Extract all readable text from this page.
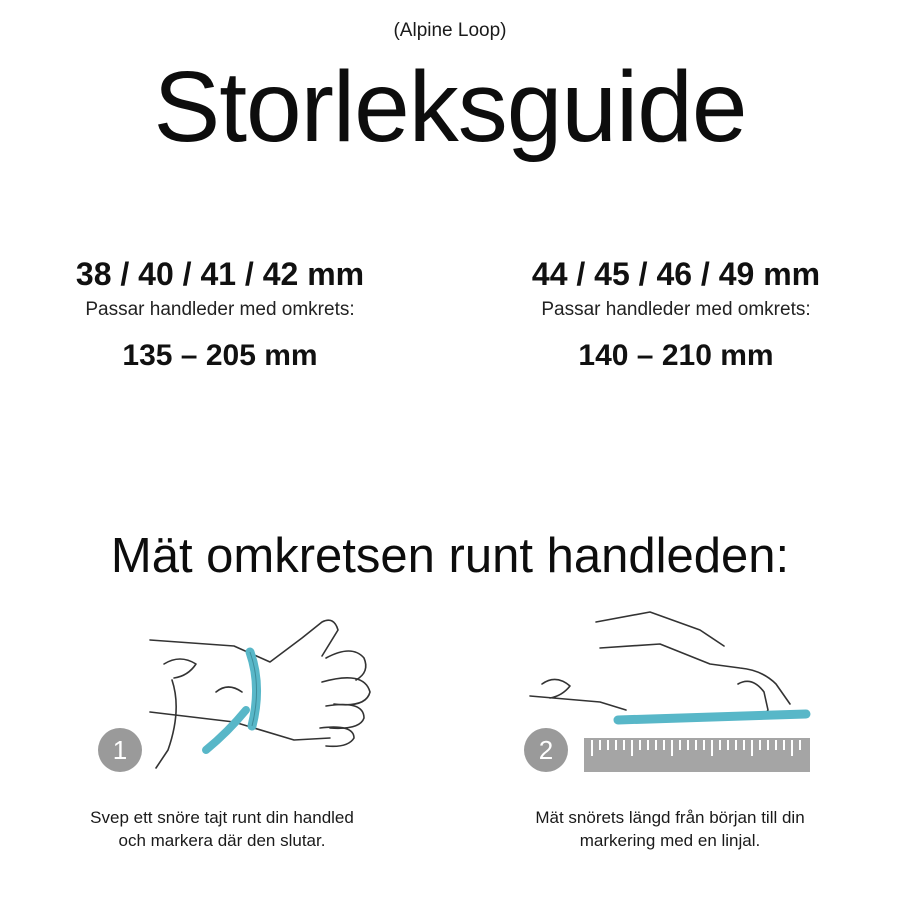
(Alpine Loop)
Storleksguide
38 / 40 / 41 / 42 mm
Passar handleder med omkrets:
135 – 205 mm
44 / 45 / 46 / 49 mm
Passar handleder med omkrets:
140 – 210 mm
Mät omkretsen runt handleden:
1	2
Svep ett snöre tajt runt din handled
och markera där den slutar.
Mät snörets längd från början till din
markering med en linjal.
